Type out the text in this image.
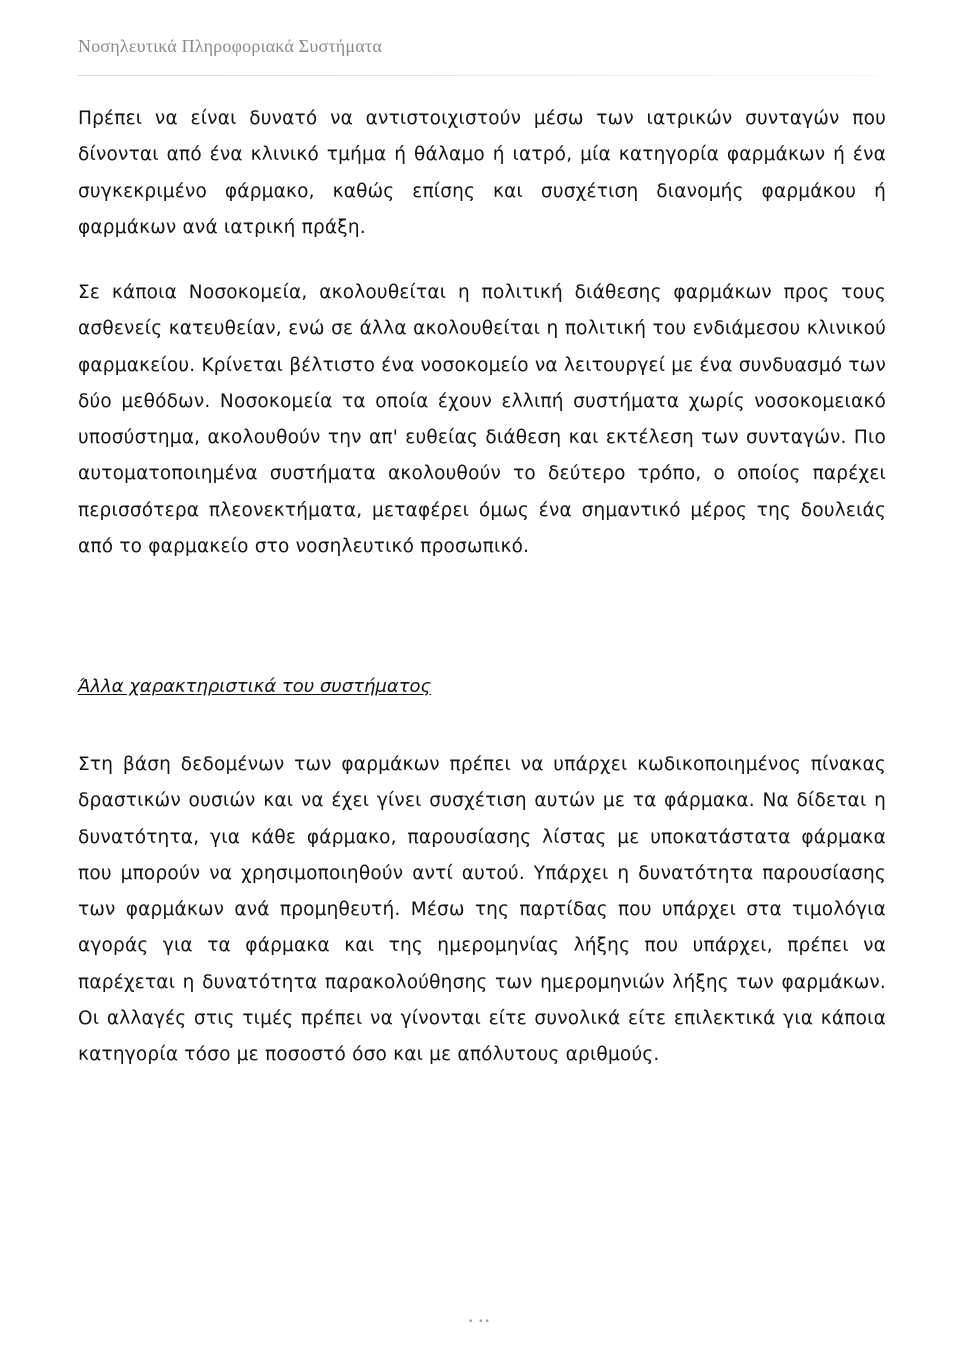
Νοσηλευτικά Πληροφοριακά Συστήματα

Πρέπει να είναι δυνατό να αντιστοιχιστούν μέσω των ιατρικών συνταγών που δίνονται από ένα κλινικό τμήμα ή θάλαμο ή ιατρό, μία κατηγορία φαρμάκων ή ένα συγκεκριμένο φάρμακο, καθώς επίσης και συσχέτιση διανομής φαρμάκου ή φαρμάκων ανά ιατρική πράξη.

Σε κάποια Νοσοκομεία, ακολουθείται η πολιτική διάθεσης φαρμάκων προς τους ασθενείς κατευθείαν, ενώ σε άλλα ακολουθείται η πολιτική του ενδιάμεσου κλινικού φαρμακείου. Κρίνεται βέλτιστο ένα νοσοκομείο να λειτουργεί με ένα συνδυασμό των δύο μεθόδων. Νοσοκομεία τα οποία έχουν ελλιπή συστήματα χωρίς νοσοκομειακό υποσύστημα, ακολουθούν την απ' ευθείας διάθεση και εκτέλεση των συνταγών. Πιο αυτοματοποιημένα συστήματα ακολουθούν το δεύτερο τρόπο, ο οποίος παρέχει περισσότερα πλεονεκτήματα, μεταφέρει όμως ένα σημαντικό μέρος της δουλειάς από το φαρμακείο στο νοσηλευτικό προσωπικό.

Άλλα χαρακτηριστικά του συστήματος

Στη βάση δεδομένων των φαρμάκων πρέπει να υπάρχει κωδικοποιημένος πίνακας δραστικών ουσιών και να έχει γίνει συσχέτιση αυτών με τα φάρμακα. Να δίδεται η δυνατότητα, για κάθε φάρμακο, παρουσίασης λίστας με υποκατάστατα φάρμακα που μπορούν να χρησιμοποιηθούν αντί αυτού. Υπάρχει η δυνατότητα παρουσίασης των φαρμάκων ανά προμηθευτή. Μέσω της παρτίδας που υπάρχει στα τιμολόγια αγοράς για τα φάρμακα και της ημερομηνίας λήξης που υπάρχει, πρέπει να παρέχεται η δυνατότητα παρακολούθησης των ημερομηνιών λήξης των φαρμάκων. Οι αλλαγές στις τιμές πρέπει να γίνονται είτε συνολικά είτε επιλεκτικά για κάποια κατηγορία τόσο με ποσοστό όσο και με απόλυτους αριθμούς.

• ••
